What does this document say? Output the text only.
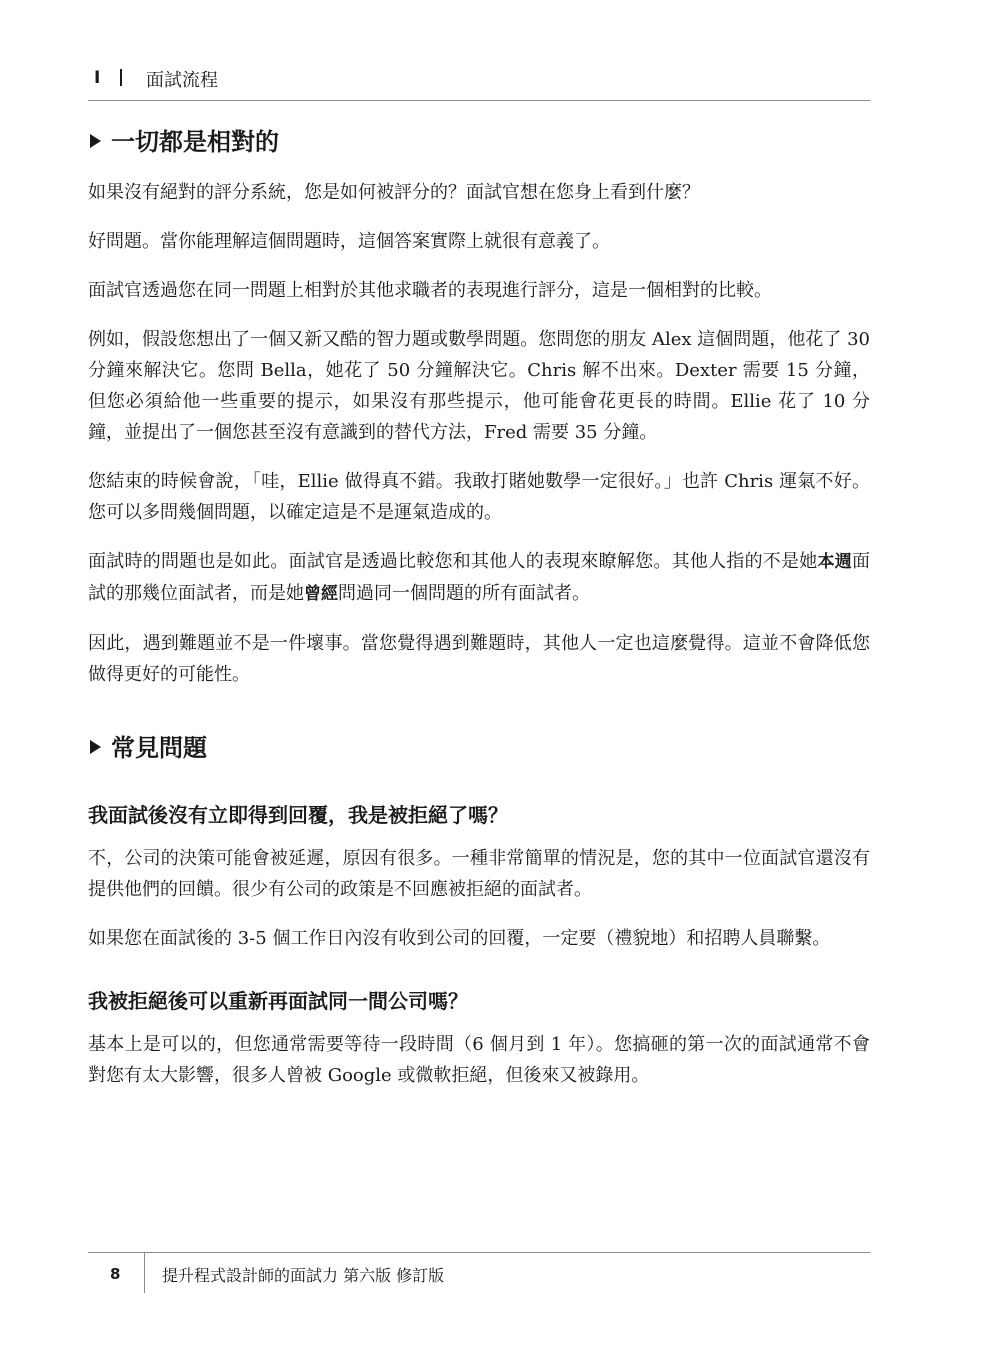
I	面試流程
一切都是相對的

如果沒有絕對的評分系統，您是如何被評分的？面試官想在您身上看到什麼？

好問題。當你能理解這個問題時，這個答案實際上就很有意義了。

面試官透過您在同一問題上相對於其他求職者的表現進行評分，這是一個相對的比較。

例如，假設您想出了一個又新又酷的智力題或數學問題。您問您的朋友 Alex 這個問題，他花了 30 分鐘來解決它。您問 Bella，她花了 50 分鐘解決它。Chris 解不出來。Dexter 需要 15 分鐘，但您必須給他一些重要的提示，如果沒有那些提示，他可能會花更長的時間。Ellie 花了 10 分鐘，並提出了一個您甚至沒有意識到的替代方法，Fred 需要 35 分鐘。

您結束的時候會說，「哇，Ellie 做得真不錯。我敢打賭她數學一定很好。」也許 Chris 運氣不好。您可以多問幾個問題，以確定這是不是運氣造成的。

面試時的問題也是如此。面試官是透過比較您和其他人的表現來瞭解您。其他人指的不是她本週面試的那幾位面試者，而是她曾經問過同一個問題的所有面試者。

因此，遇到難題並不是一件壞事。當您覺得遇到難題時，其他人一定也這麼覺得。這並不會降低您做得更好的可能性。

常見問題
我面試後沒有立即得到回覆，我是被拒絕了嗎？

不，公司的決策可能會被延遲，原因有很多。一種非常簡單的情況是，您的其中一位面試官還沒有提供他們的回饋。很少有公司的政策是不回應被拒絕的面試者。

如果您在面試後的 3-5 個工作日內沒有收到公司的回覆，一定要（禮貌地）和招聘人員聯繫。

我被拒絕後可以重新再面試同一間公司嗎？

基本上是可以的，但您通常需要等待一段時間（6 個月到 1 年）。您搞砸的第一次的面試通常不會對您有太大影響，很多人曾被 Google 或微軟拒絕，但後來又被錄用。

8	提升程式設計師的面試力 第六版 修訂版
